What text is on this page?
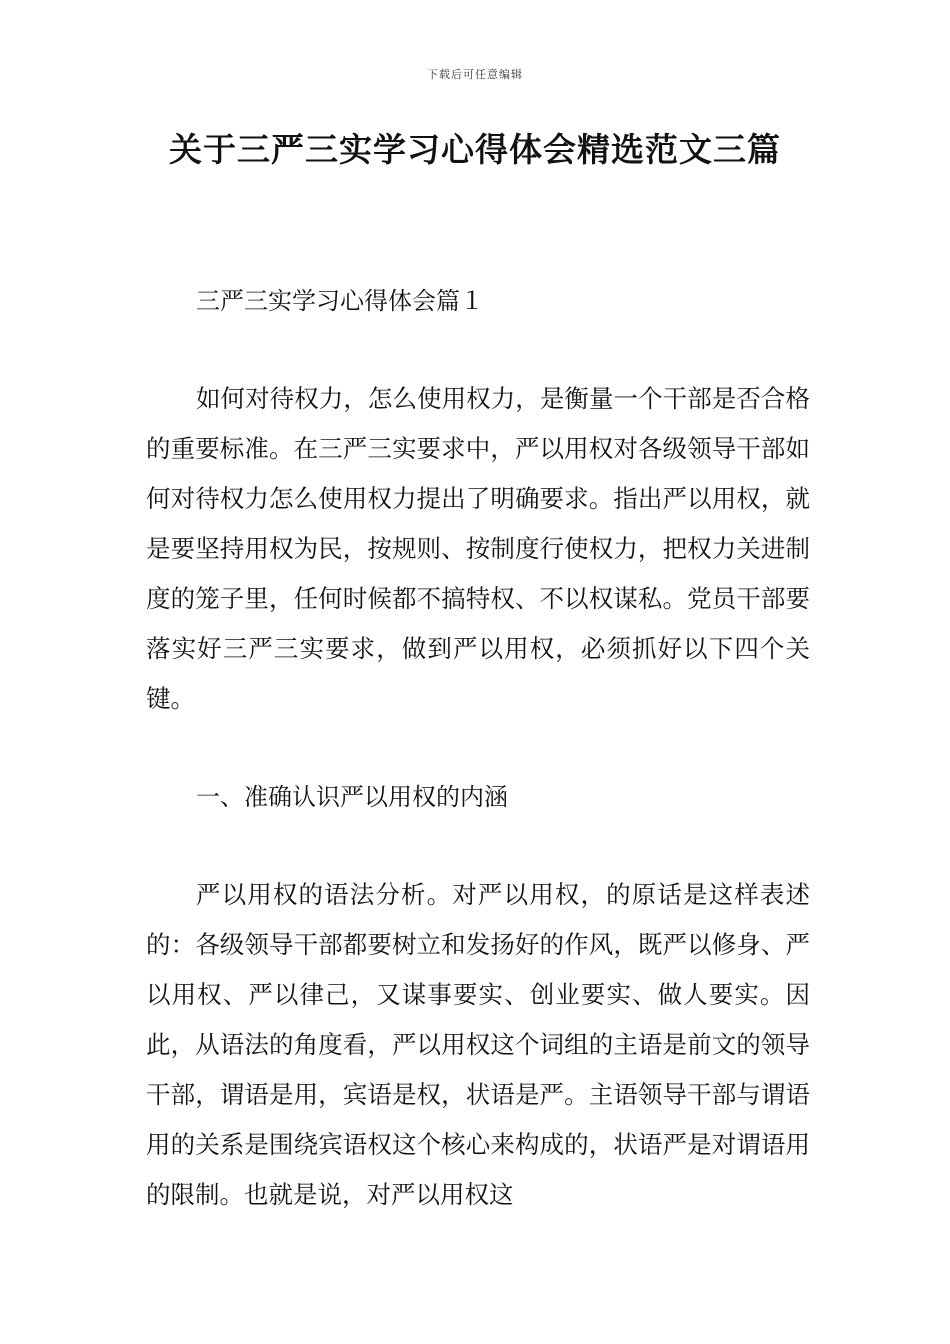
下载后可任意编辑
关于三严三实学习心得体会精选范文三篇

三严三实学习心得体会篇１

如何对待权力，怎么使用权力，是衡量一个干部是否合格的重要标准。在三严三实要求中，严以用权对各级领导干部如何对待权力怎么使用权力提出了明确要求。指出严以用权，就是要坚持用权为民，按规则、按制度行使权力，把权力关进制度的笼子里，任何时候都不搞特权、不以权谋私。党员干部要落实好三严三实要求，做到严以用权，必须抓好以下四个关键。

一、准确认识严以用权的内涵

严以用权的语法分析。对严以用权，的原话是这样表述的：各级领导干部都要树立和发扬好的作风，既严以修身、严以用权、严以律己，又谋事要实、创业要实、做人要实。因此，从语法的角度看，严以用权这个词组的主语是前文的领导干部，谓语是用，宾语是权，状语是严。主语领导干部与谓语用的关系是围绕宾语权这个核心来构成的，状语严是对谓语用的限制。也就是说，对严以用权这
